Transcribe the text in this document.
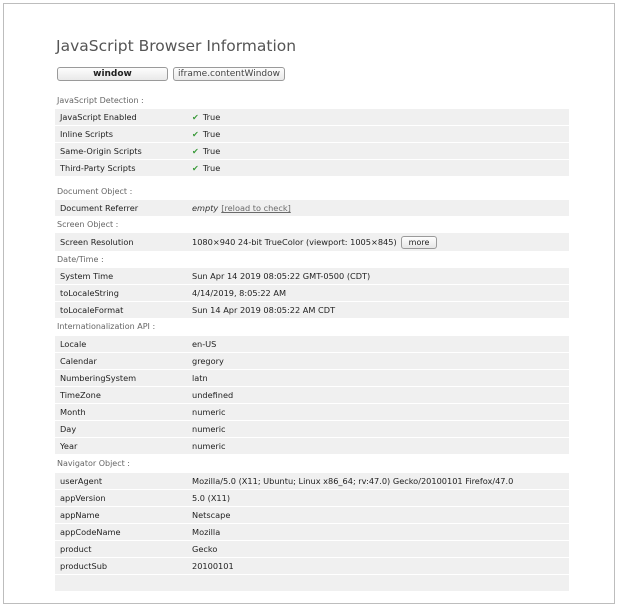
JavaScript Browser Information
window	iframe.contentWindow
JavaScript Detection :
JavaScript Enabled	✔ True
Inline Scripts	✔ True
Same-Origin Scripts	✔ True
Third-Party Scripts	✔ True
Document Object :
Document Referrer	empty [reload to check]
Screen Object :
Screen Resolution	1080×940 24-bit TrueColor (viewport: 1005×845) more
Date/Time :
System Time	Sun Apr 14 2019 08:05:22 GMT-0500 (CDT)
toLocaleString	4/14/2019, 8:05:22 AM
toLocaleFormat	Sun 14 Apr 2019 08:05:22 AM CDT
Internationalization API :
Locale	en-US
Calendar	gregory
NumberingSystem	latn
TimeZone	undefined
Month	numeric
Day	numeric
Year	numeric
Navigator Object :
userAgent	Mozilla/5.0 (X11; Ubuntu; Linux x86_64; rv:47.0) Gecko/20100101 Firefox/47.0
appVersion	5.0 (X11)
appName	Netscape
appCodeName	Mozilla
product	Gecko
productSub	20100101
